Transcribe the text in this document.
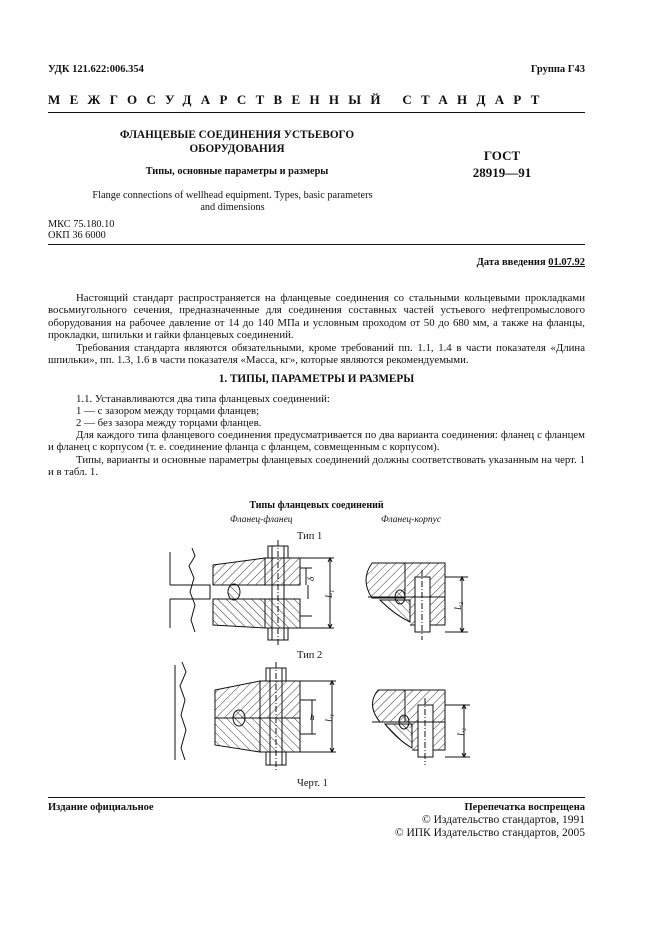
УДК 121.622:006.354	Группа Г43
МЕЖГОСУДАРСТВЕННЫЙ СТАНДАРТ
ФЛАНЦЕВЫЕ СОЕДИНЕНИЯ УСТЬЕВОГО
ОБОРУДОВАНИЯ
Типы, основные параметры и размеры
Flange connections of wellhead equipment. Types, basic parameters
and dimensions
ГОСТ
28919—91
МКС 75.180.10
ОКП 36 6000
Дата введения 01.07.92

Настоящий стандарт распространяется на фланцевые соединения со стальными кольцевыми прокладками восьмиугольного сечения, предназначенные для соединения составных частей устьевого нефтепромыслового оборудования на рабочее давление от 14 до 140 МПа и условным проходом от 50 до 680 мм, а также на фланцы, прокладки, шпильки и гайки фланцевых соединений.

Требования стандарта являются обязательными, кроме требований пп. 1.1, 1.4 в части показателя «Длина шпильки», пп. 1.3, 1.6 в части показателя «Масса, кг», которые являются рекомендуемыми.

1. ТИПЫ, ПАРАМЕТРЫ И РАЗМЕРЫ
1.1. Устанавливаются два типа фланцевых соединений:
1 — с зазором между торцами фланцев;
2 — без зазора между торцами фланцев.

Для каждого типа фланцевого соединения предусматривается по два варианта соединения: фланец с фланцем и фланец с корпусом (т. е. соединение фланца с фланцем, совмещенным с корпусом).

Типы, варианты и основные параметры фланцевых соединений должны соответствовать указанным на черт. 1 и в табл. 1.

Типы фланцевых соединений
Фланец-фланец	Фланец-корпус
Тип 1
Тип 2
Черт. 1
δ
L₁
L₂
h L₁
L₂
Издание официальное	Перепечатка воспрещена
© Издательство стандартов, 1991
© ИПК Издательство стандартов, 2005
